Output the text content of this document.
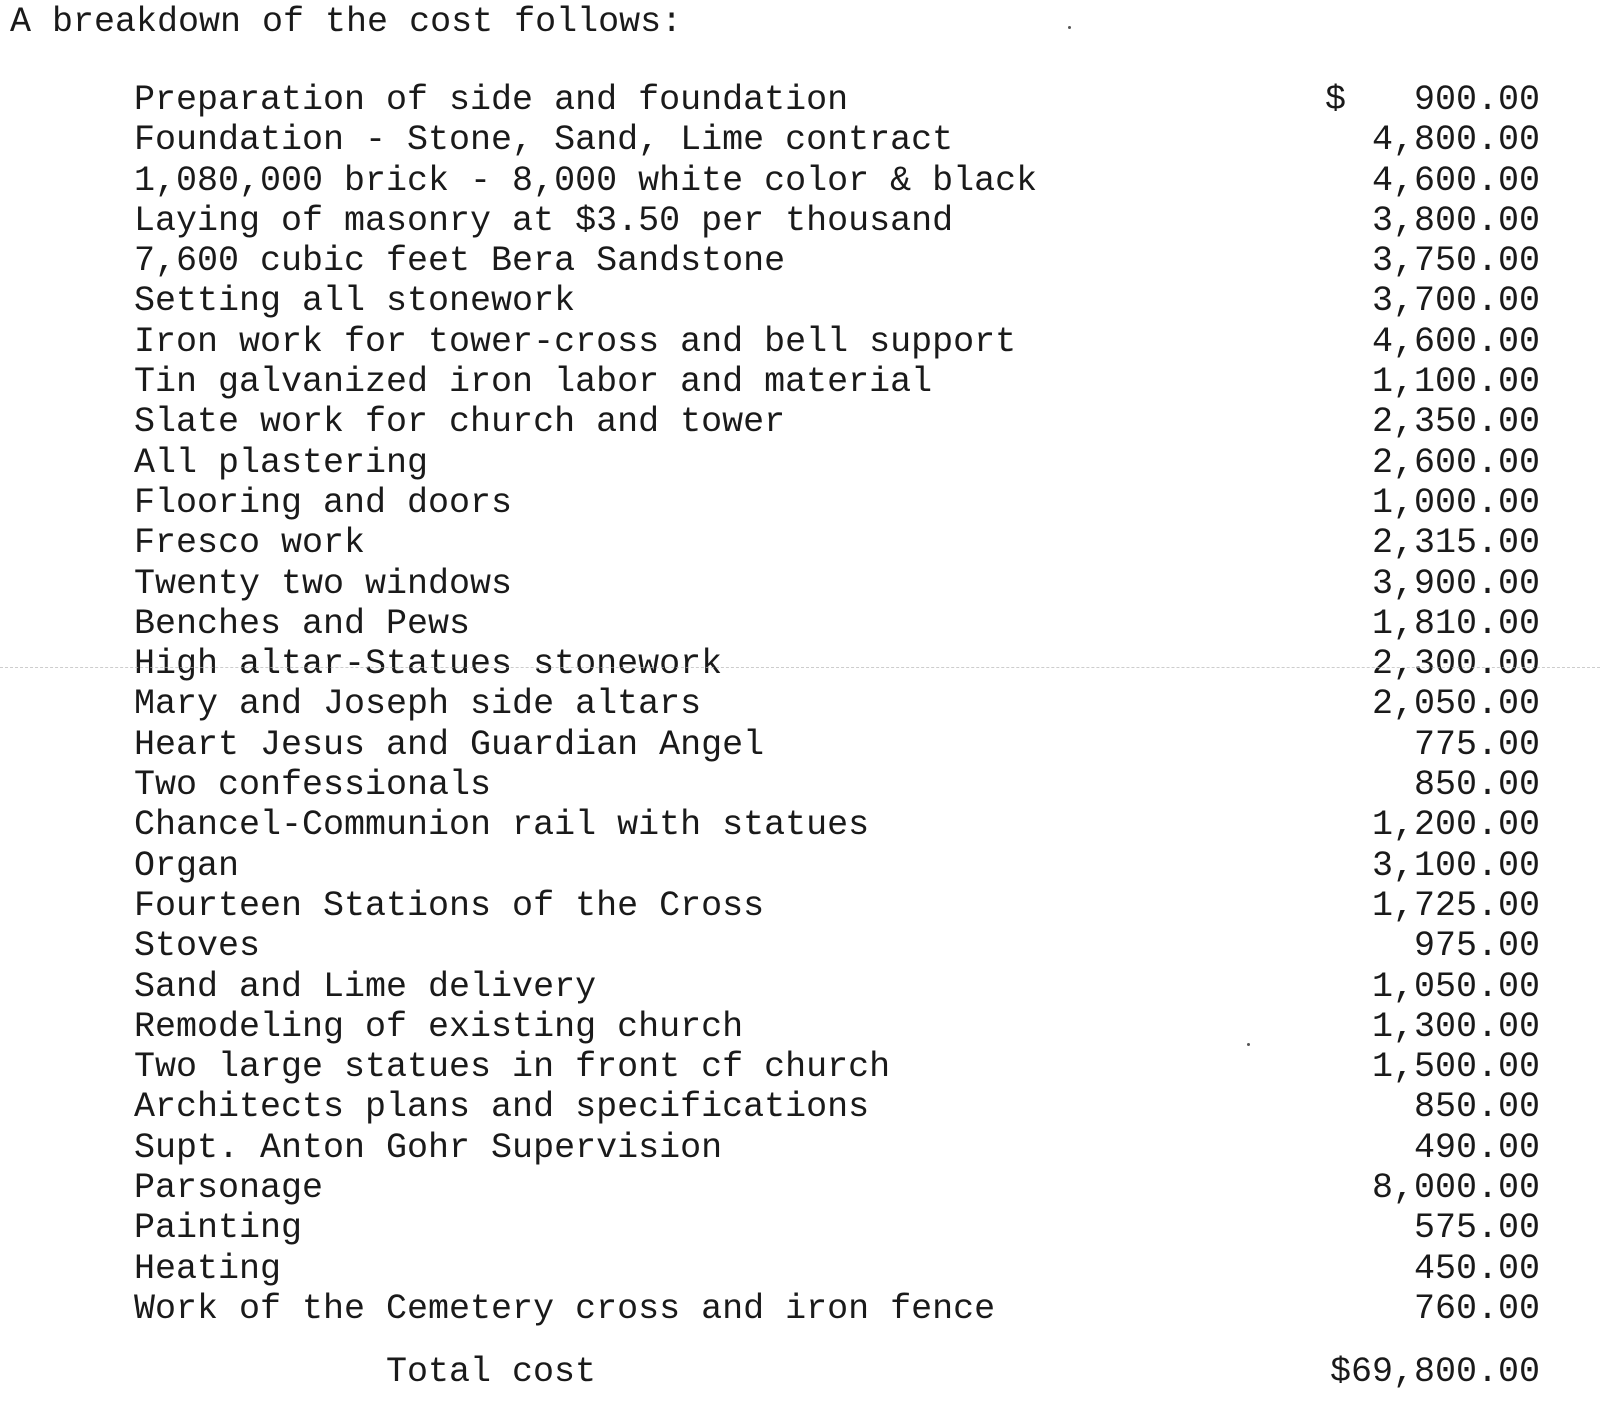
A breakdown of the cost follows:
Preparation of side and foundation	$ 900.00
Foundation - Stone, Sand, Lime contract	4,800.00
1,080,000 brick - 8,000 white color & black	4,600.00
Laying of masonry at $3.50 per thousand	3,800.00
7,600 cubic feet Bera Sandstone	3,750.00
Setting all stonework	3,700.00
Iron work for tower-cross and bell support	4,600.00
Tin galvanized iron labor and material	1,100.00
Slate work for church and tower	2,350.00
All plastering	2,600.00
Flooring and doors	1,000.00
Fresco work	2,315.00
Twenty two windows	3,900.00
Benches and Pews	1,810.00
High altar-Statues stonework	2,300.00
Mary and Joseph side altars	2,050.00
Heart Jesus and Guardian Angel	775.00
Two confessionals	850.00
Chancel-Communion rail with statues	1,200.00
Organ	3,100.00
Fourteen Stations of the Cross	1,725.00
Stoves	975.00
Sand and Lime delivery	1,050.00
Remodeling of existing church	1,300.00
Two large statues in front cf church	1,500.00
Architects plans and specifications	850.00
Supt. Anton Gohr Supervision	490.00
Parsonage	8,000.00
Painting	575.00
Heating	450.00
Work of the Cemetery cross and iron fence	760.00
Total cost	$69,800.00
